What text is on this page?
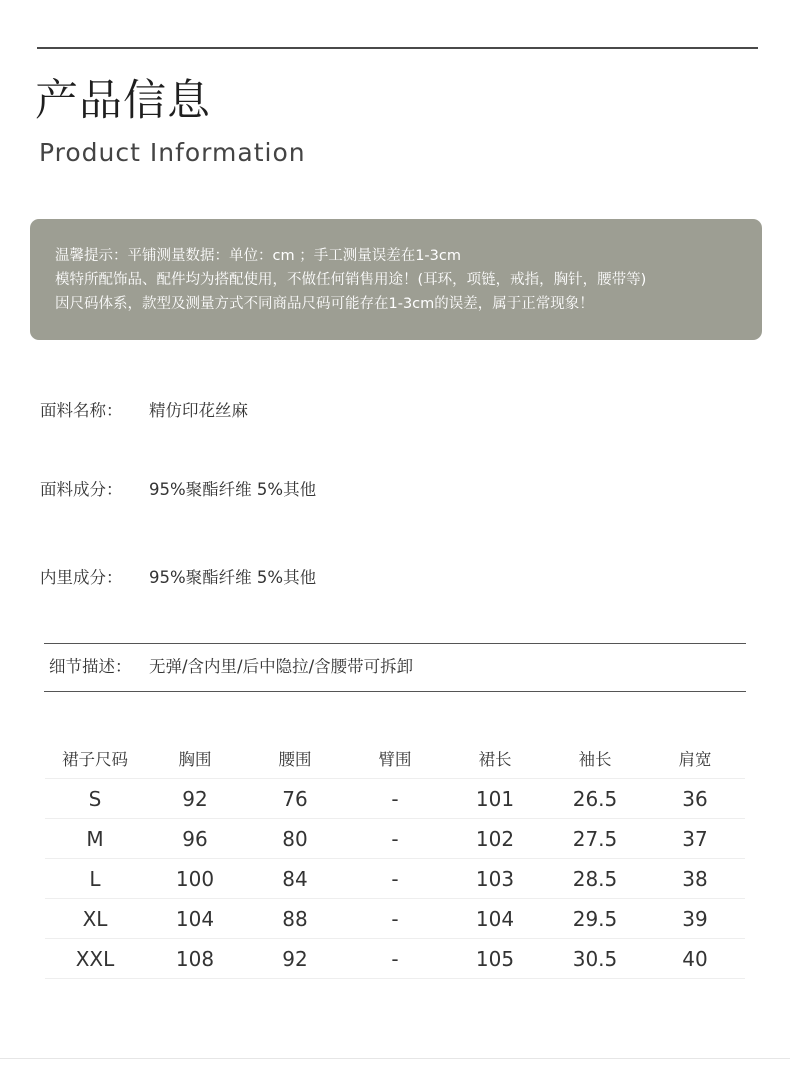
产品信息
Product Information
温馨提示：平铺测量数据：单位：cm ；手工测量误差在1-3cm
模特所配饰品、配件均为搭配使用，不做任何销售用途！(耳环，项链，戒指，胸针，腰带等)
因尺码体系，款型及测量方式不同商品尺码可能存在1-3cm的误差，属于正常现象！
面料名称： 精仿印花丝麻
面料成分： 95%聚酯纤维 5%其他
内里成分： 95%聚酯纤维 5%其他
细节描述： 无弹/含内里/后中隐拉/含腰带可拆卸
裙子尺码	胸围	腰围	臂围	裙长	袖长	肩宽
S	92	76	-	101	26.5	36
M	96	80	-	102	27.5	37
L	100	84	-	103	28.5	38
XL	104	88	-	104	29.5	39
XXL	108	92	-	105	30.5	40
